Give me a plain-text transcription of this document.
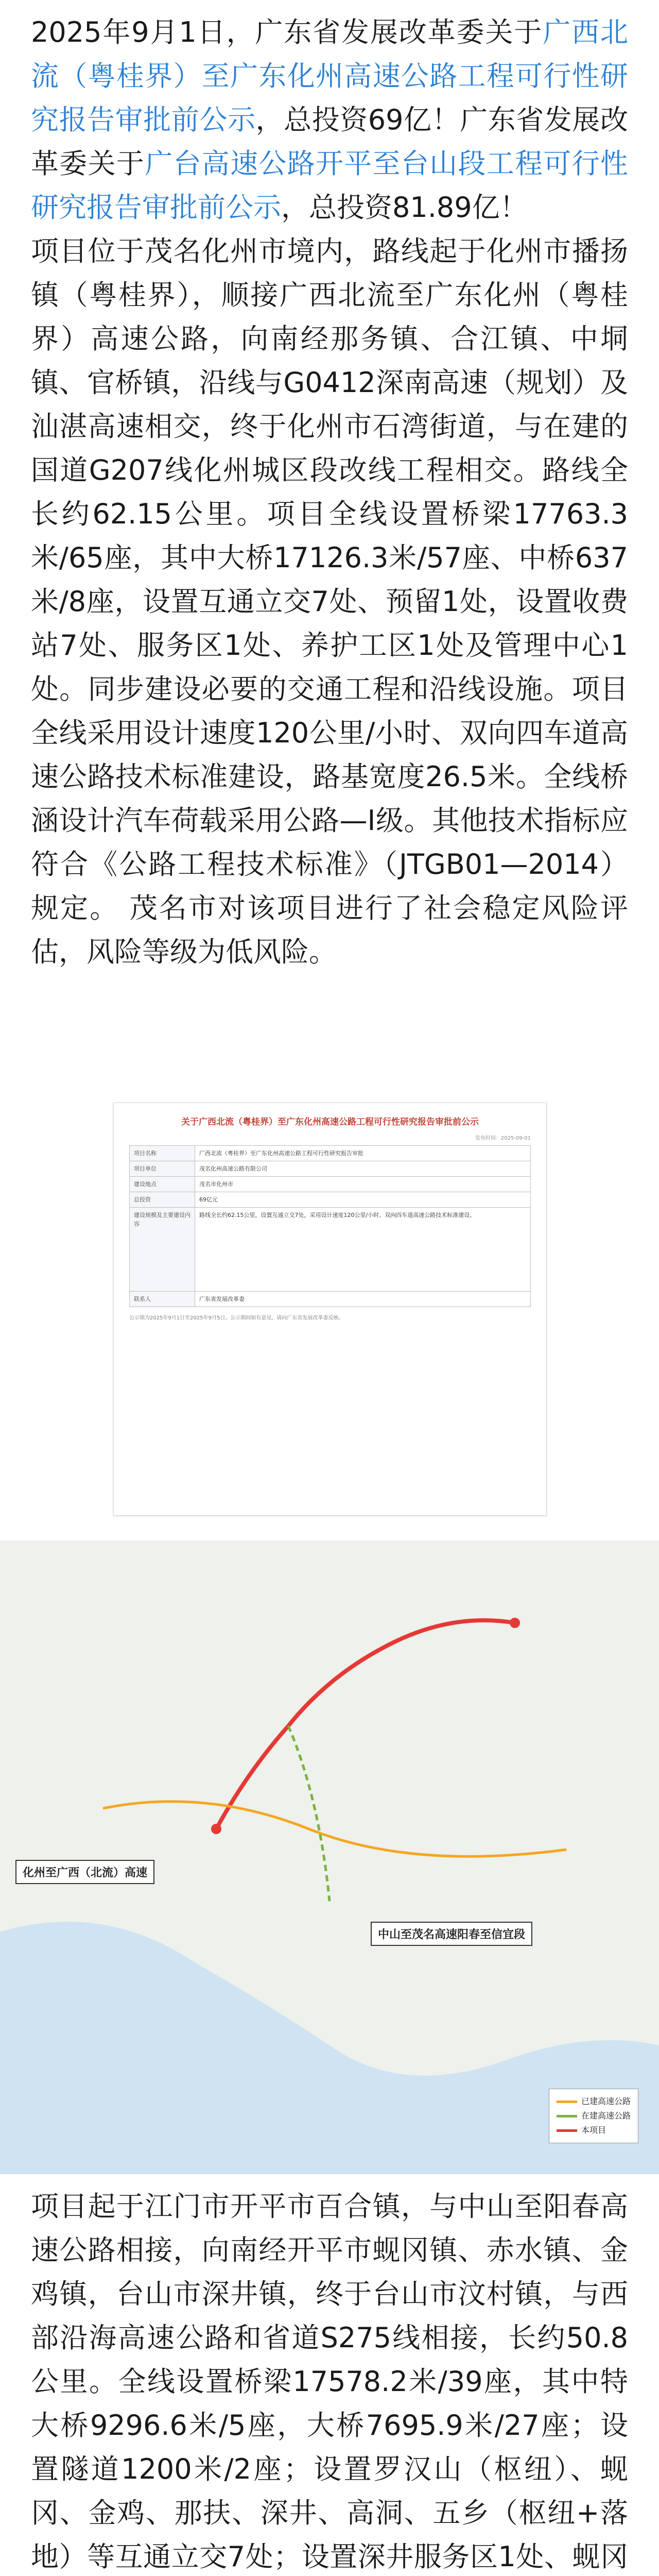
2025年9月1日，广东省发展改革委关于广西北流（粤桂界）至广东化州高速公路工程可行性研究报告审批前公示，总投资69亿！广东省发展改革委关于广台高速公路开平至台山段工程可行性研究报告审批前公示，总投资81.89亿！

项目位于茂名化州市境内，路线起于化州市播扬镇（粤桂界），顺接广西北流至广东化州（粤桂界）高速公路，向南经那务镇、合江镇、中垌镇、官桥镇，沿线与G0412深南高速（规划）及汕湛高速相交，终于化州市石湾街道，与在建的国道G207线化州城区段改线工程相交。路线全长约62.15公里。项目全线设置桥梁17763.3米/65座，其中大桥17126.3米/57座、中桥637米/8座，设置互通立交7处、预留1处，设置收费站7处、服务区1处、养护工区1处及管理中心1处。同步建设必要的交通工程和沿线设施。项目全线采用设计速度120公里/小时、双向四车道高速公路技术标准建设，路基宽度26.5米。全线桥涵设计汽车荷载采用公路—I级。其他技术指标应符合《公路工程技术标准》（JTGB01—2014）规定。 茂名市对该项目进行了社会稳定风险评估，风险等级为低风险。

关于广西北流（粤桂界）至广东化州高速公路工程可行性研究报告审批前公示
发布时间：2025-09-01
项目名称	广西北流（粤桂界）至广东化州高速公路工程可行性研究报告审批
项目单位	茂名化州高速公路有限公司
建设地点	茂名市化州市
总投资	69亿元
建设规模及主要建设内容	路线全长约62.15公里，设置互通立交7处，采用设计速度120公里/小时、双向四车道高速公路技术标准建设。
联系人	广东省发展改革委
公示期为2025年9月1日至2025年9月5日。公示期间如有意见，请向广东省发展改革委反映。
化州至广西（北流）高速
中山至茂名高速阳春至信宜段
已建高速公路
在建高速公路
本项目

项目起于江门市开平市百合镇，与中山至阳春高速公路相接，向南经开平市蚬冈镇、赤水镇、金鸡镇，台山市深井镇，终于台山市汶村镇，与西部沿海高速公路和省道S275线相接，长约50.8公里。全线设置桥梁17578.2米/39座，其中特大桥9296.6米/5座，大桥7695.9米/27座；设置隧道1200米/2座；设置罗汉山（枢纽）、蚬冈、金鸡、那扶、深井、高洞、五乡（枢纽+落地）等互通立交7处；设置深井服务区1处、蚬冈
